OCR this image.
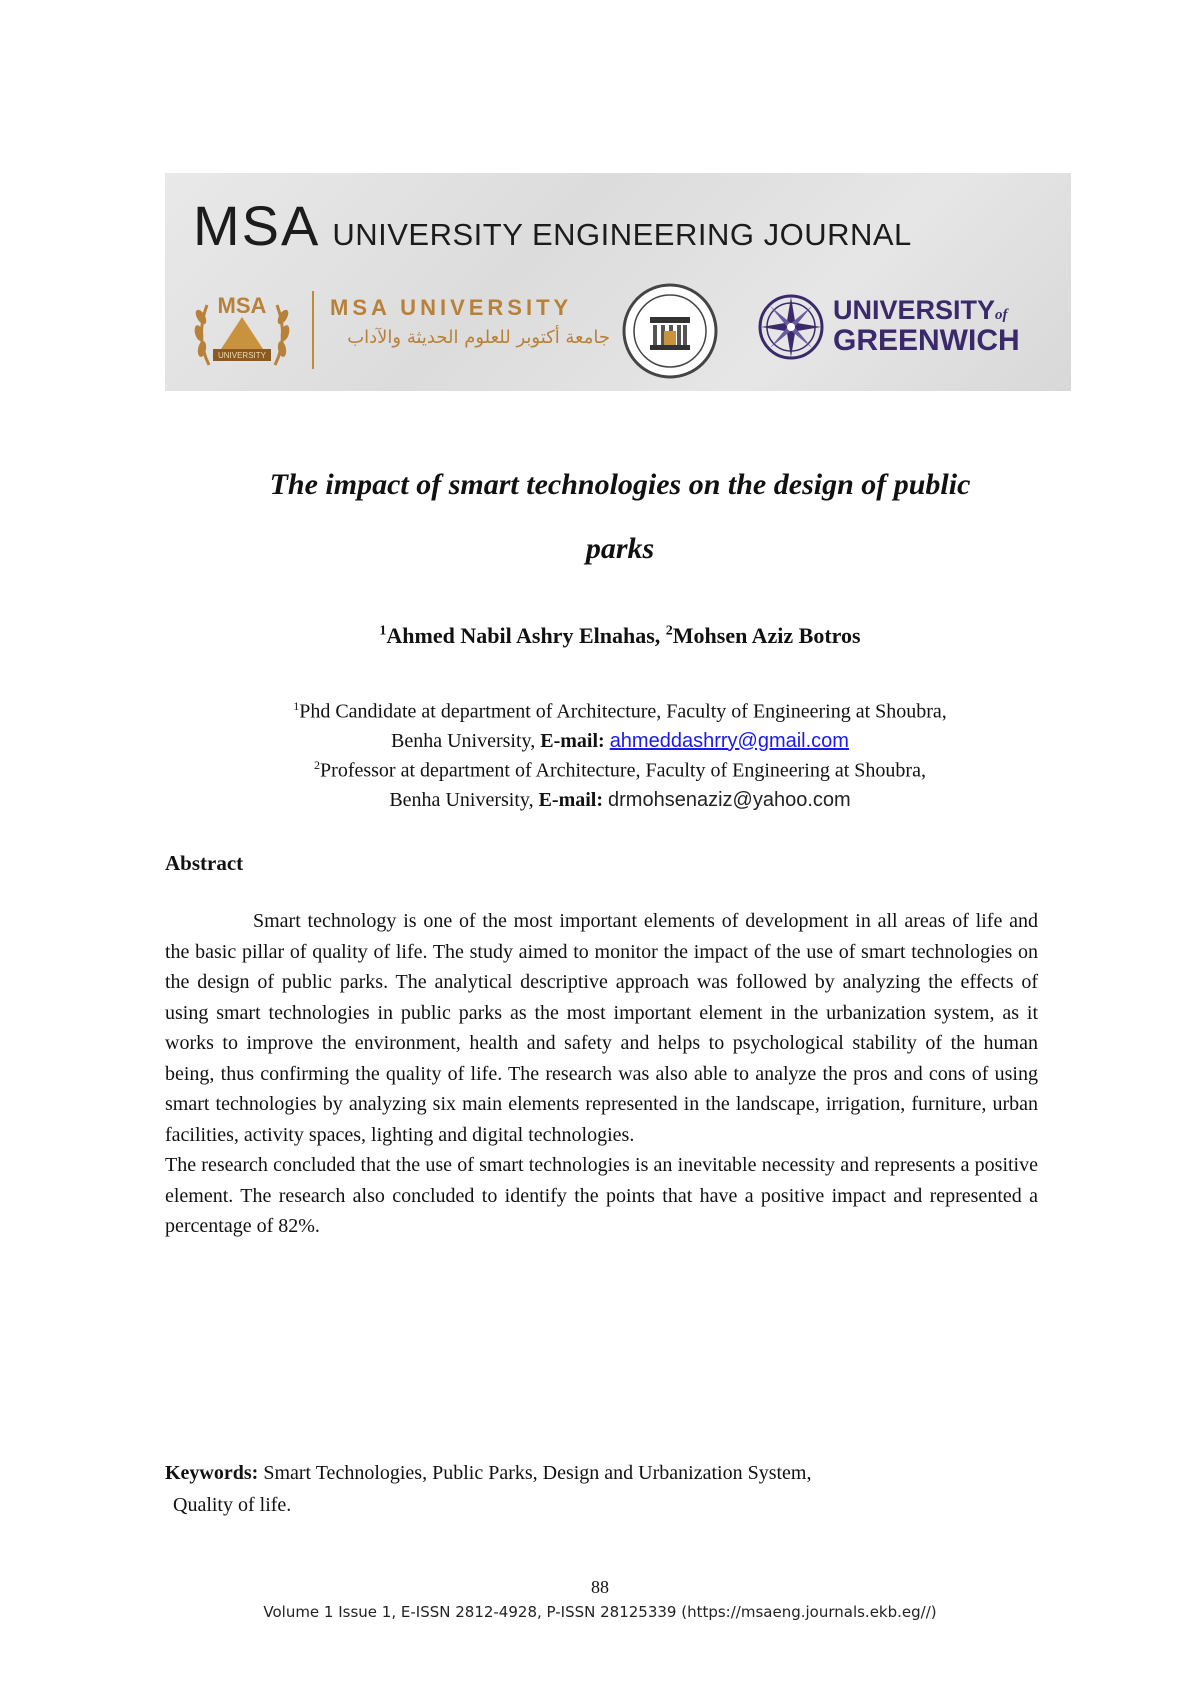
MSA UNIVERSITY ENGINEERING JOURNAL
MSA
UNIVERSITY
MSA UNIVERSITY
جامعة أكتوبر للعلوم الحديثة والآداب
UNIVERSITYof
GREENWICH
The impact of smart technologies on the design of public
parks
$^1$Ahmed Nabil Ashry Elnahas, $^2$Mohsen Aziz Botros
$^1$Phd Candidate at department of Architecture, Faculty of Engineering at Shoubra,
Benha University, E-mail: ahmeddashrry@gmail.com
$^2$Professor at department of Architecture, Faculty of Engineering at Shoubra,
Benha University, E-mail: drmohsenaziz@yahoo.com
Abstract

Smart technology is one of the most important elements of development in all areas of life and the basic pillar of quality of life. The study aimed to monitor the impact of the use of smart technologies on the design of public parks. The analytical descriptive approach was followed by analyzing the effects of using smart technologies in public parks as the most important element in the urbanization system, as it works to improve the environment, health and safety and helps to psychological stability of the human being, thus confirming the quality of life. The research was also able to analyze the pros and cons of using smart technologies by analyzing six main elements represented in the landscape, irrigation, furniture, urban facilities, activity spaces, lighting and digital technologies.

The research concluded that the use of smart technologies is an inevitable necessity and represents a positive element. The research also concluded to identify the points that have a positive impact and represented a percentage of 82%.

Keywords: Smart Technologies, Public Parks, Design and Urbanization System,
Quality of life.
88
Volume 1 Issue 1, E-ISSN 2812-4928, P-ISSN 28125339 (https://msaeng.journals.ekb.eg//)
